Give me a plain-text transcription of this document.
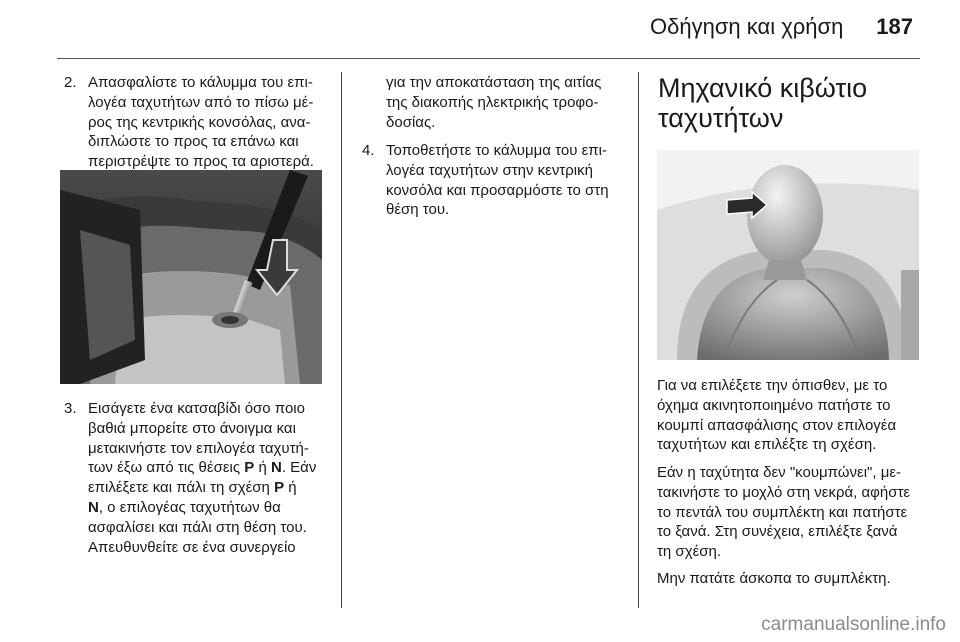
Οδήγηση και χρήση 187
2. Απασφαλίστε το κάλυμμα του επι-
λογέα ταχυτήτων από το πίσω μέ-
ρος της κεντρικής κονσόλας, ανα-
διπλώστε το προς τα επάνω και
περιστρέψτε το προς τα αριστερά.
3. Εισάγετε ένα κατσαβίδι όσο ποιο
βαθιά μπορείτε στο άνοιγμα και
μετακινήστε τον επιλογέα ταχυτή-
των έξω από τις θέσεις P ή N. Εάν
επιλέξετε και πάλι τη σχέση P ή
N, ο επιλογέας ταχυτήτων θα
ασφαλίσει και πάλι στη θέση του.
Απευθυνθείτε σε ένα συνεργείο
για την αποκατάσταση της αιτίας
της διακοπής ηλεκτρικής τροφο-
δοσίας.
4. Τοποθετήστε το κάλυμμα του επι-
λογέα ταχυτήτων στην κεντρική
κονσόλα και προσαρμόστε το στη
θέση του.
Μηχανικό κιβώτιο
ταχυτήτων
Για να επιλέξετε την όπισθεν, με το
όχημα ακινητοποιημένο πατήστε το
κουμπί απασφάλισης στον επιλογέα
ταχυτήτων και επιλέξτε τη σχέση.
Εάν η ταχύτητα δεν "κουμπώνει", με-
τακινήστε το μοχλό στη νεκρά, αφήστε
το πεντάλ του συμπλέκτη και πατήστε
το ξανά. Στη συνέχεια, επιλέξτε ξανά
τη σχέση.
Μην πατάτε άσκοπα το συμπλέκτη.
carmanualsonline.info
